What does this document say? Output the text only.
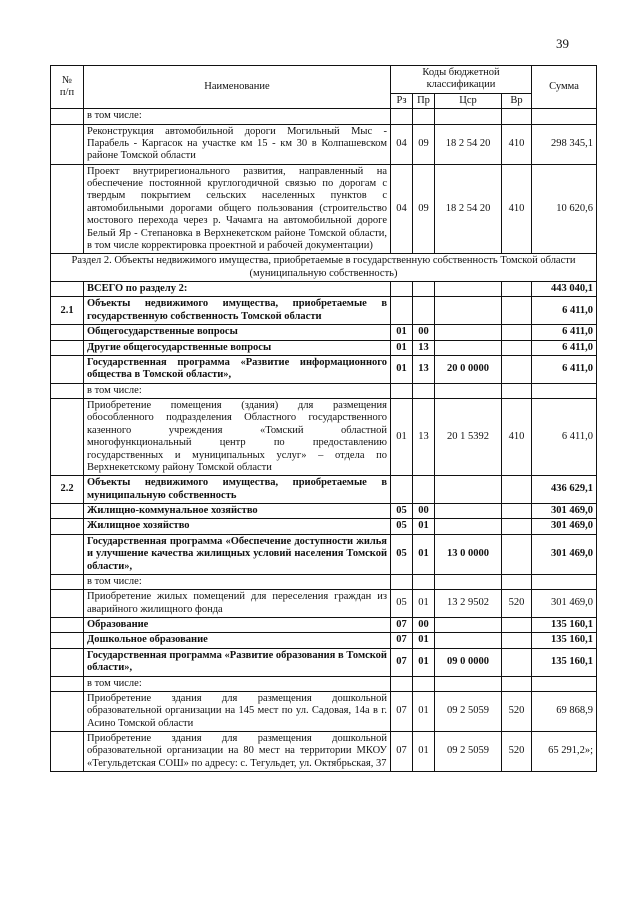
39
№
п/п	Наименование	Коды бюджетной
классификации				Сумма
		Рз	Пр	Цср	Вр	
	в том числе:					
	Реконструкция автомобильной дороги Могильный Мыс - Парабель - Каргасок на участке км 15 - км 30 в Колпашевском районе Томской области	04	09	18 2 54 20	410	298 345,1
	Проект внутрирегионального развития, направленный на обеспечение постоянной круглогодичной связью по дорогам с твердым покрытием сельских населенных пунктов с автомобильными дорогами общего пользования (строительство мостового перехода через р. Чачамга на автомобильной дороге Белый Яр - Степановка в Верхнекетском районе Томской области, в том числе корректировка проектной и рабочей документации)	04	09	18 2 54 20	410	10 620,6
Раздел 2. Объекты недвижимого имущества, приобретаемые в государственную собственность Томской области (муниципальную собственность)						
	ВСЕГО по разделу 2:					443 040,1
2.1	Объекты недвижимого имущества, приобретаемые в государственную собственность Томской области					6 411,0
	Общегосударственные вопросы	01	00			6 411,0
	Другие общегосударственные вопросы	01	13			6 411,0
	Государственная программа «Развитие информационного общества в Томской области»,	01	13	20 0 0000		6 411,0
	в том числе:					
	Приобретение помещения (здания) для размещения обособленного подразделения Областного государственного казенного учреждения «Томский областной многофункциональный центр по предоставлению государственных и муниципальных услуг» – отдела по Верхнекетскому району Томской области	01	13	20 1 5392	410	6 411,0
2.2	Объекты недвижимого имущества, приобретаемые в муниципальную собственность					436 629,1
	Жилищно-коммунальное хозяйство	05	00			301 469,0
	Жилищное хозяйство	05	01			301 469,0
	Государственная программа «Обеспечение доступности жилья и улучшение качества жилищных условий населения Томской области»,	05	01	13 0 0000		301 469,0
	в том числе:					
	Приобретение жилых помещений для переселения граждан из аварийного жилищного фонда	05	01	13 2 9502	520	301 469,0
	Образование	07	00			135 160,1
	Дошкольное образование	07	01			135 160,1
	Государственная программа «Развитие образования в Томской области»,	07	01	09 0 0000		135 160,1
	в том числе:					
	Приобретение здания для размещения дошкольной образовательной организации на 145 мест по ул. Садовая, 14а в г. Асино Томской области	07	01	09 2 5059	520	69 868,9
	Приобретение здания для размещения дошкольной образовательной организации на 80 мест на территории МКОУ «Тегульдетская СОШ» по адресу: с. Тегульдет, ул. Октябрьская, 37	07	01	09 2 5059	520	65 291,2»;
